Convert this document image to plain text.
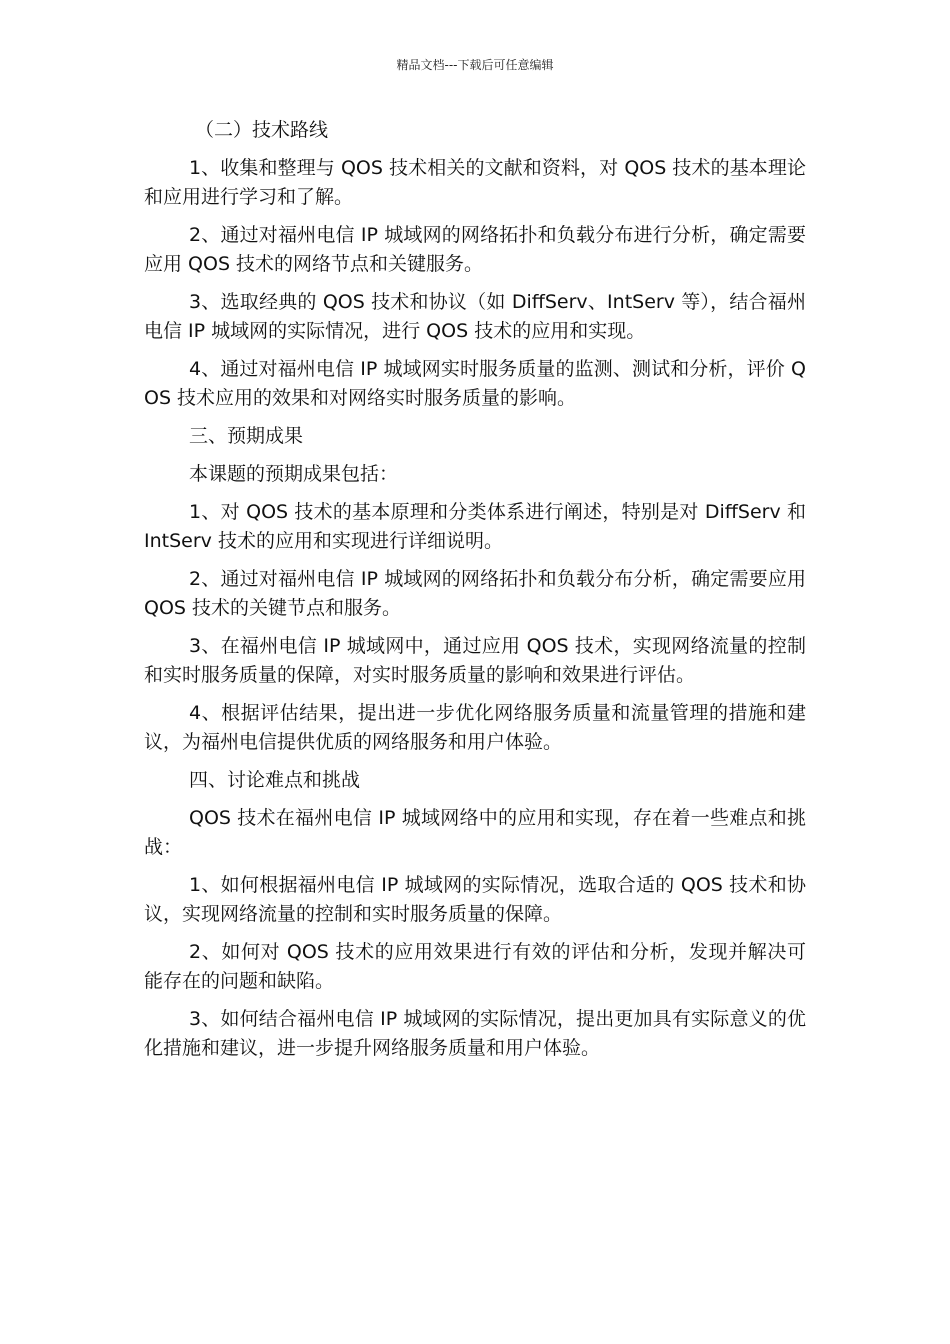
精品文档---下载后可任意编辑

（二）技术路线

1、收集和整理与 QOS 技术相关的文献和资料，对 QOS 技术的基本理论和应用进行学习和了解。

2、通过对福州电信 IP 城域网的网络拓扑和负载分布进行分析，确定需要应用 QOS 技术的网络节点和关键服务。

3、选取经典的 QOS 技术和协议（如 DiffServ、IntServ 等），结合福州电信 IP 城域网的实际情况，进行 QOS 技术的应用和实现。

4、通过对福州电信 IP 城域网实时服务质量的监测、测试和分析，评价 QOS 技术应用的效果和对网络实时服务质量的影响。

三、预期成果

本课题的预期成果包括：

1、对 QOS 技术的基本原理和分类体系进行阐述，特别是对 DiffServ 和 IntServ 技术的应用和实现进行详细说明。

2、通过对福州电信 IP 城域网的网络拓扑和负载分布分析，确定需要应用 QOS 技术的关键节点和服务。

3、在福州电信 IP 城域网中，通过应用 QOS 技术，实现网络流量的控制和实时服务质量的保障，对实时服务质量的影响和效果进行评估。

4、根据评估结果，提出进一步优化网络服务质量和流量管理的措施和建议，为福州电信提供优质的网络服务和用户体验。

四、讨论难点和挑战

QOS 技术在福州电信 IP 城域网络中的应用和实现，存在着一些难点和挑战：

1、如何根据福州电信 IP 城域网的实际情况，选取合适的 QOS 技术和协议，实现网络流量的控制和实时服务质量的保障。

2、如何对 QOS 技术的应用效果进行有效的评估和分析，发现并解决可能存在的问题和缺陷。

3、如何结合福州电信 IP 城域网的实际情况，提出更加具有实际意义的优化措施和建议，进一步提升网络服务质量和用户体验。
